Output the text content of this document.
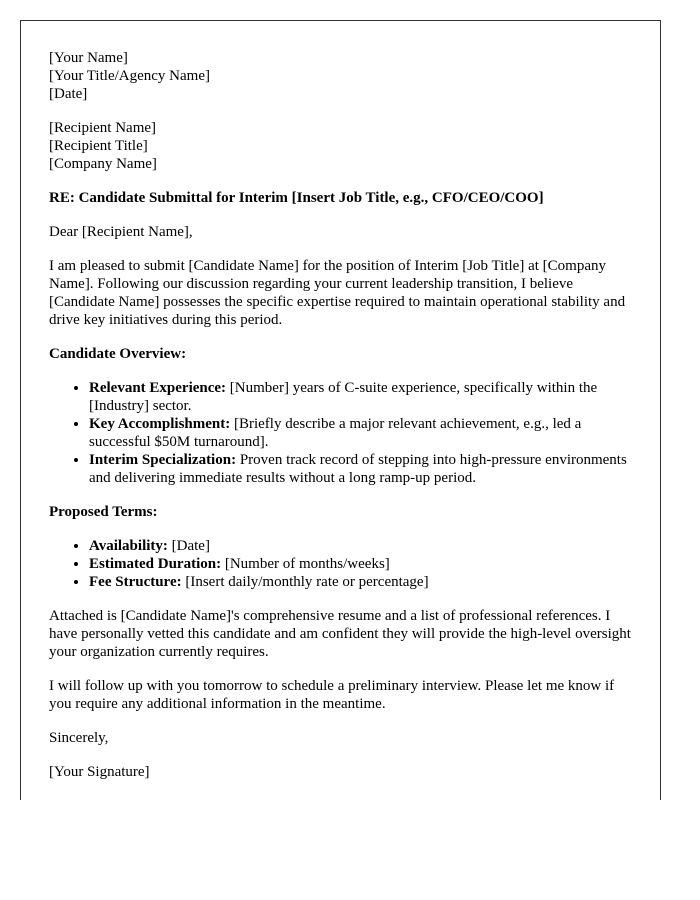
[Your Name]
[Your Title/Agency Name]
[Date]
[Recipient Name]
[Recipient Title]
[Company Name]

RE: Candidate Submittal for Interim [Insert Job Title, e.g., CFO/CEO/COO]

Dear [Recipient Name],

I am pleased to submit [Candidate Name] for the position of Interim [Job Title] at [Company Name]. Following our discussion regarding your current leadership transition, I believe [Candidate Name] possesses the specific expertise required to maintain operational stability and drive key initiatives during this period.

Candidate Overview:

• Relevant Experience: [Number] years of C-suite experience, specifically within the [Industry] sector.
• Key Accomplishment: [Briefly describe a major relevant achievement, e.g., led a successful $50M turnaround].
• Interim Specialization: Proven track record of stepping into high-pressure environments and delivering immediate results without a long ramp-up period.

Proposed Terms:

• Availability: [Date]
• Estimated Duration: [Number of months/weeks]
• Fee Structure: [Insert daily/monthly rate or percentage]

Attached is [Candidate Name]'s comprehensive resume and a list of professional references. I have personally vetted this candidate and am confident they will provide the high-level oversight your organization currently requires.

I will follow up with you tomorrow to schedule a preliminary interview. Please let me know if you require any additional information in the meantime.

Sincerely,

[Your Signature]
